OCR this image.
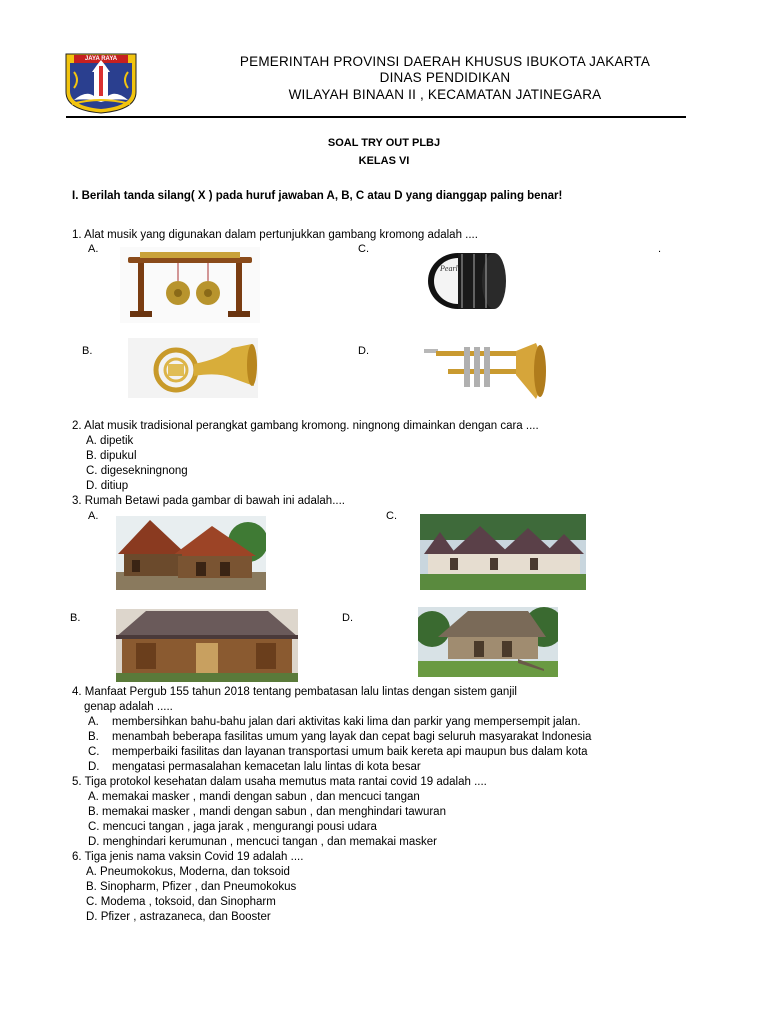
JAYA RAYA	PEMERINTAH PROVINSI DAERAH KHUSUS IBUKOTA JAKARTA
DINAS PENDIDIKAN
WILAYAH BINAAN II , KECAMATAN JATINEGARA
SOAL TRY OUT PLBJ
KELAS VI
I. Berilah tanda silang( X ) pada huruf jawaban A, B, C atau D yang dianggap paling benar!
1. Alat musik yang digunakan dalam pertunjukkan gambang kromong adalah ....
A.	C.	.
B.	D.
Pearl
2. Alat musik tradisional perangkat gambang kromong. ningnong dimainkan dengan cara ....
A. dipetik
B. dipukul
C. digesekningnong
D. ditiup
3. Rumah Betawi pada gambar di bawah ini adalah....
A.	C.
B.	D.
4. Manfaat Pergub 155 tahun 2018 tentang pembatasan lalu lintas dengan sistem ganjil
genap adalah .....
A. membersihkan bahu-bahu jalan dari aktivitas kaki lima dan parkir yang mempersempit jalan.
B. menambah beberapa fasilitas umum yang layak dan cepat bagi seluruh masyarakat Indonesia
C. memperbaiki fasilitas dan layanan transportasi umum baik kereta api maupun bus dalam kota
D. mengatasi permasalahan kemacetan lalu lintas di kota besar
5. Tiga protokol kesehatan dalam usaha memutus mata rantai covid 19 adalah ....
A. memakai masker , mandi dengan sabun , dan mencuci tangan
B. memakai masker , mandi dengan sabun , dan menghindari tawuran
C. mencuci tangan , jaga jarak , mengurangi pousi udara
D. menghindari kerumunan , mencuci tangan , dan memakai masker
6. Tiga jenis nama vaksin Covid 19 adalah ....
A. Pneumokokus, Moderna, dan toksoid
B. Sinopharm, Pfizer , dan Pneumokokus
C. Modema , toksoid, dan Sinopharm
D. Pfizer , astrazaneca, dan Booster
